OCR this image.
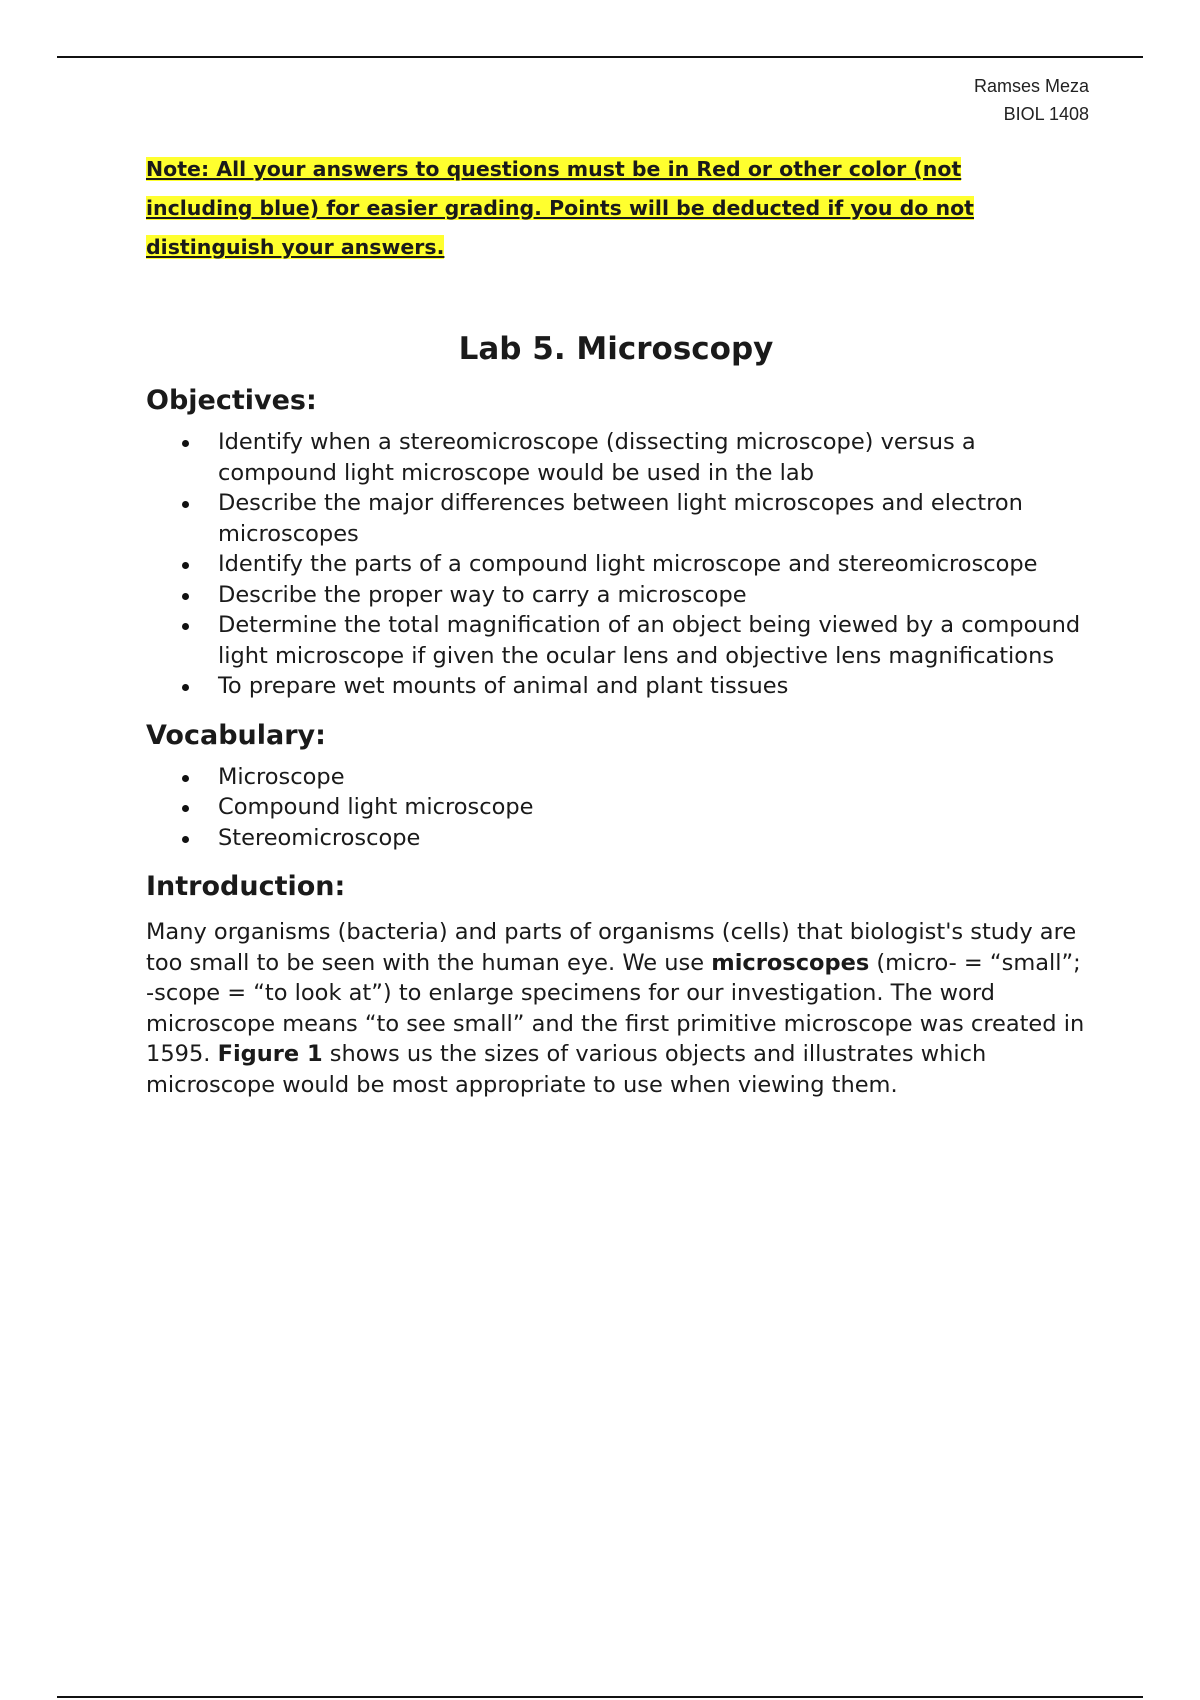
Ramses Meza
BIOL 1408

Note: All your answers to questions must be in Red or other color (not
including blue) for easier grading. Points will be deducted if you do not
distinguish your answers.

Lab 5. Microscopy
Objectives:
Identify when a stereomicroscope (dissecting microscope) versus a compound light microscope would be used in the lab
Describe the major differences between light microscopes and electron microscopes
Identify the parts of a compound light microscope and stereomicroscope
Describe the proper way to carry a microscope
Determine the total magnification of an object being viewed by a compound light microscope if given the ocular lens and objective lens magnifications
To prepare wet mounts of animal and plant tissues
Vocabulary:
Microscope
Compound light microscope
Stereomicroscope
Introduction:

Many organisms (bacteria) and parts of organisms (cells) that biologist's study are too small to be seen with the human eye. We use microscopes (micro- = “small”; -scope = “to look at”) to enlarge specimens for our investigation. The word microscope means “to see small” and the first primitive microscope was created in 1595. Figure 1 shows us the sizes of various objects and illustrates which microscope would be most appropriate to use when viewing them.
